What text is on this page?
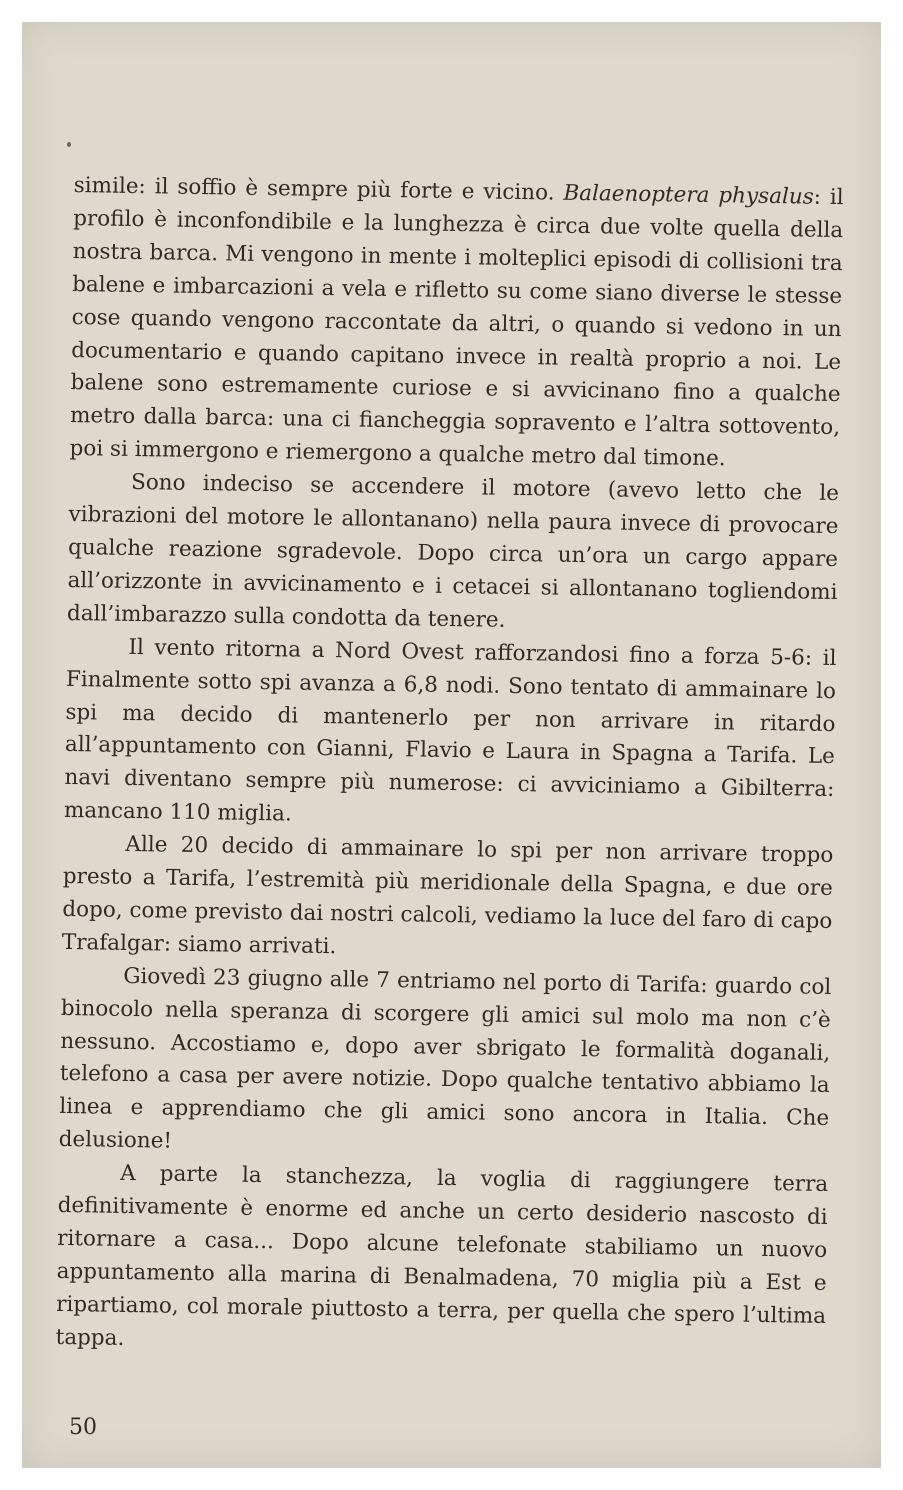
simile: il soffio è sempre più forte e vicino. Balaenoptera physalus: il profilo è inconfondibile e la lunghezza è circa due volte quella della nostra barca. Mi vengono in mente i molteplici episodi di collisioni tra balene e imbarcazioni a vela e rifletto su come siano diverse le stesse cose quando vengono raccontate da altri, o quando si vedono in un documentario e quando capitano invece in realtà proprio a noi. Le balene sono estremamente curiose e si avvicinano fino a qualche metro dalla barca: una ci fiancheggia sopravento e l’altra sottovento, poi si immergono e riemergono a qualche metro dal timone.

Sono indeciso se accendere il motore (avevo letto che le vibrazioni del motore le allontanano) nella paura invece di provocare qualche reazione sgradevole. Dopo circa un’ora un cargo appare all’orizzonte in avvicinamento e i cetacei si allontanano togliendomi dall’imbarazzo sulla condotta da tenere.

Il vento ritorna a Nord Ovest rafforzandosi fino a forza 5-6: il Finalmente sotto spi avanza a 6,8 nodi. Sono tentato di ammainare lo spi ma decido di mantenerlo per non arrivare in ritardo all’appuntamento con Gianni, Flavio e Laura in Spagna a Tarifa. Le navi diventano sempre più numerose: ci avviciniamo a Gibilterra: mancano 110 miglia.

Alle 20 decido di ammainare lo spi per non arrivare troppo presto a Tarifa, l’estremità più meridionale della Spagna, e due ore dopo, come previsto dai nostri calcoli, vediamo la luce del faro di capo Trafalgar: siamo arrivati.

Giovedì 23 giugno alle 7 entriamo nel porto di Tarifa: guardo col binocolo nella speranza di scorgere gli amici sul molo ma non c’è nessuno. Accostiamo e, dopo aver sbrigato le formalità doganali, telefono a casa per avere notizie. Dopo qualche tentativo abbiamo la linea e apprendiamo che gli amici sono ancora in Italia. Che delusione!

A parte la stanchezza, la voglia di raggiungere terra definitivamente è enorme ed anche un certo desiderio nascosto di ritornare a casa... Dopo alcune telefonate stabiliamo un nuovo appuntamento alla marina di Benalmadena, 70 miglia più a Est e ripartiamo, col morale piuttosto a terra, per quella che spero l’ultima tappa.

50
